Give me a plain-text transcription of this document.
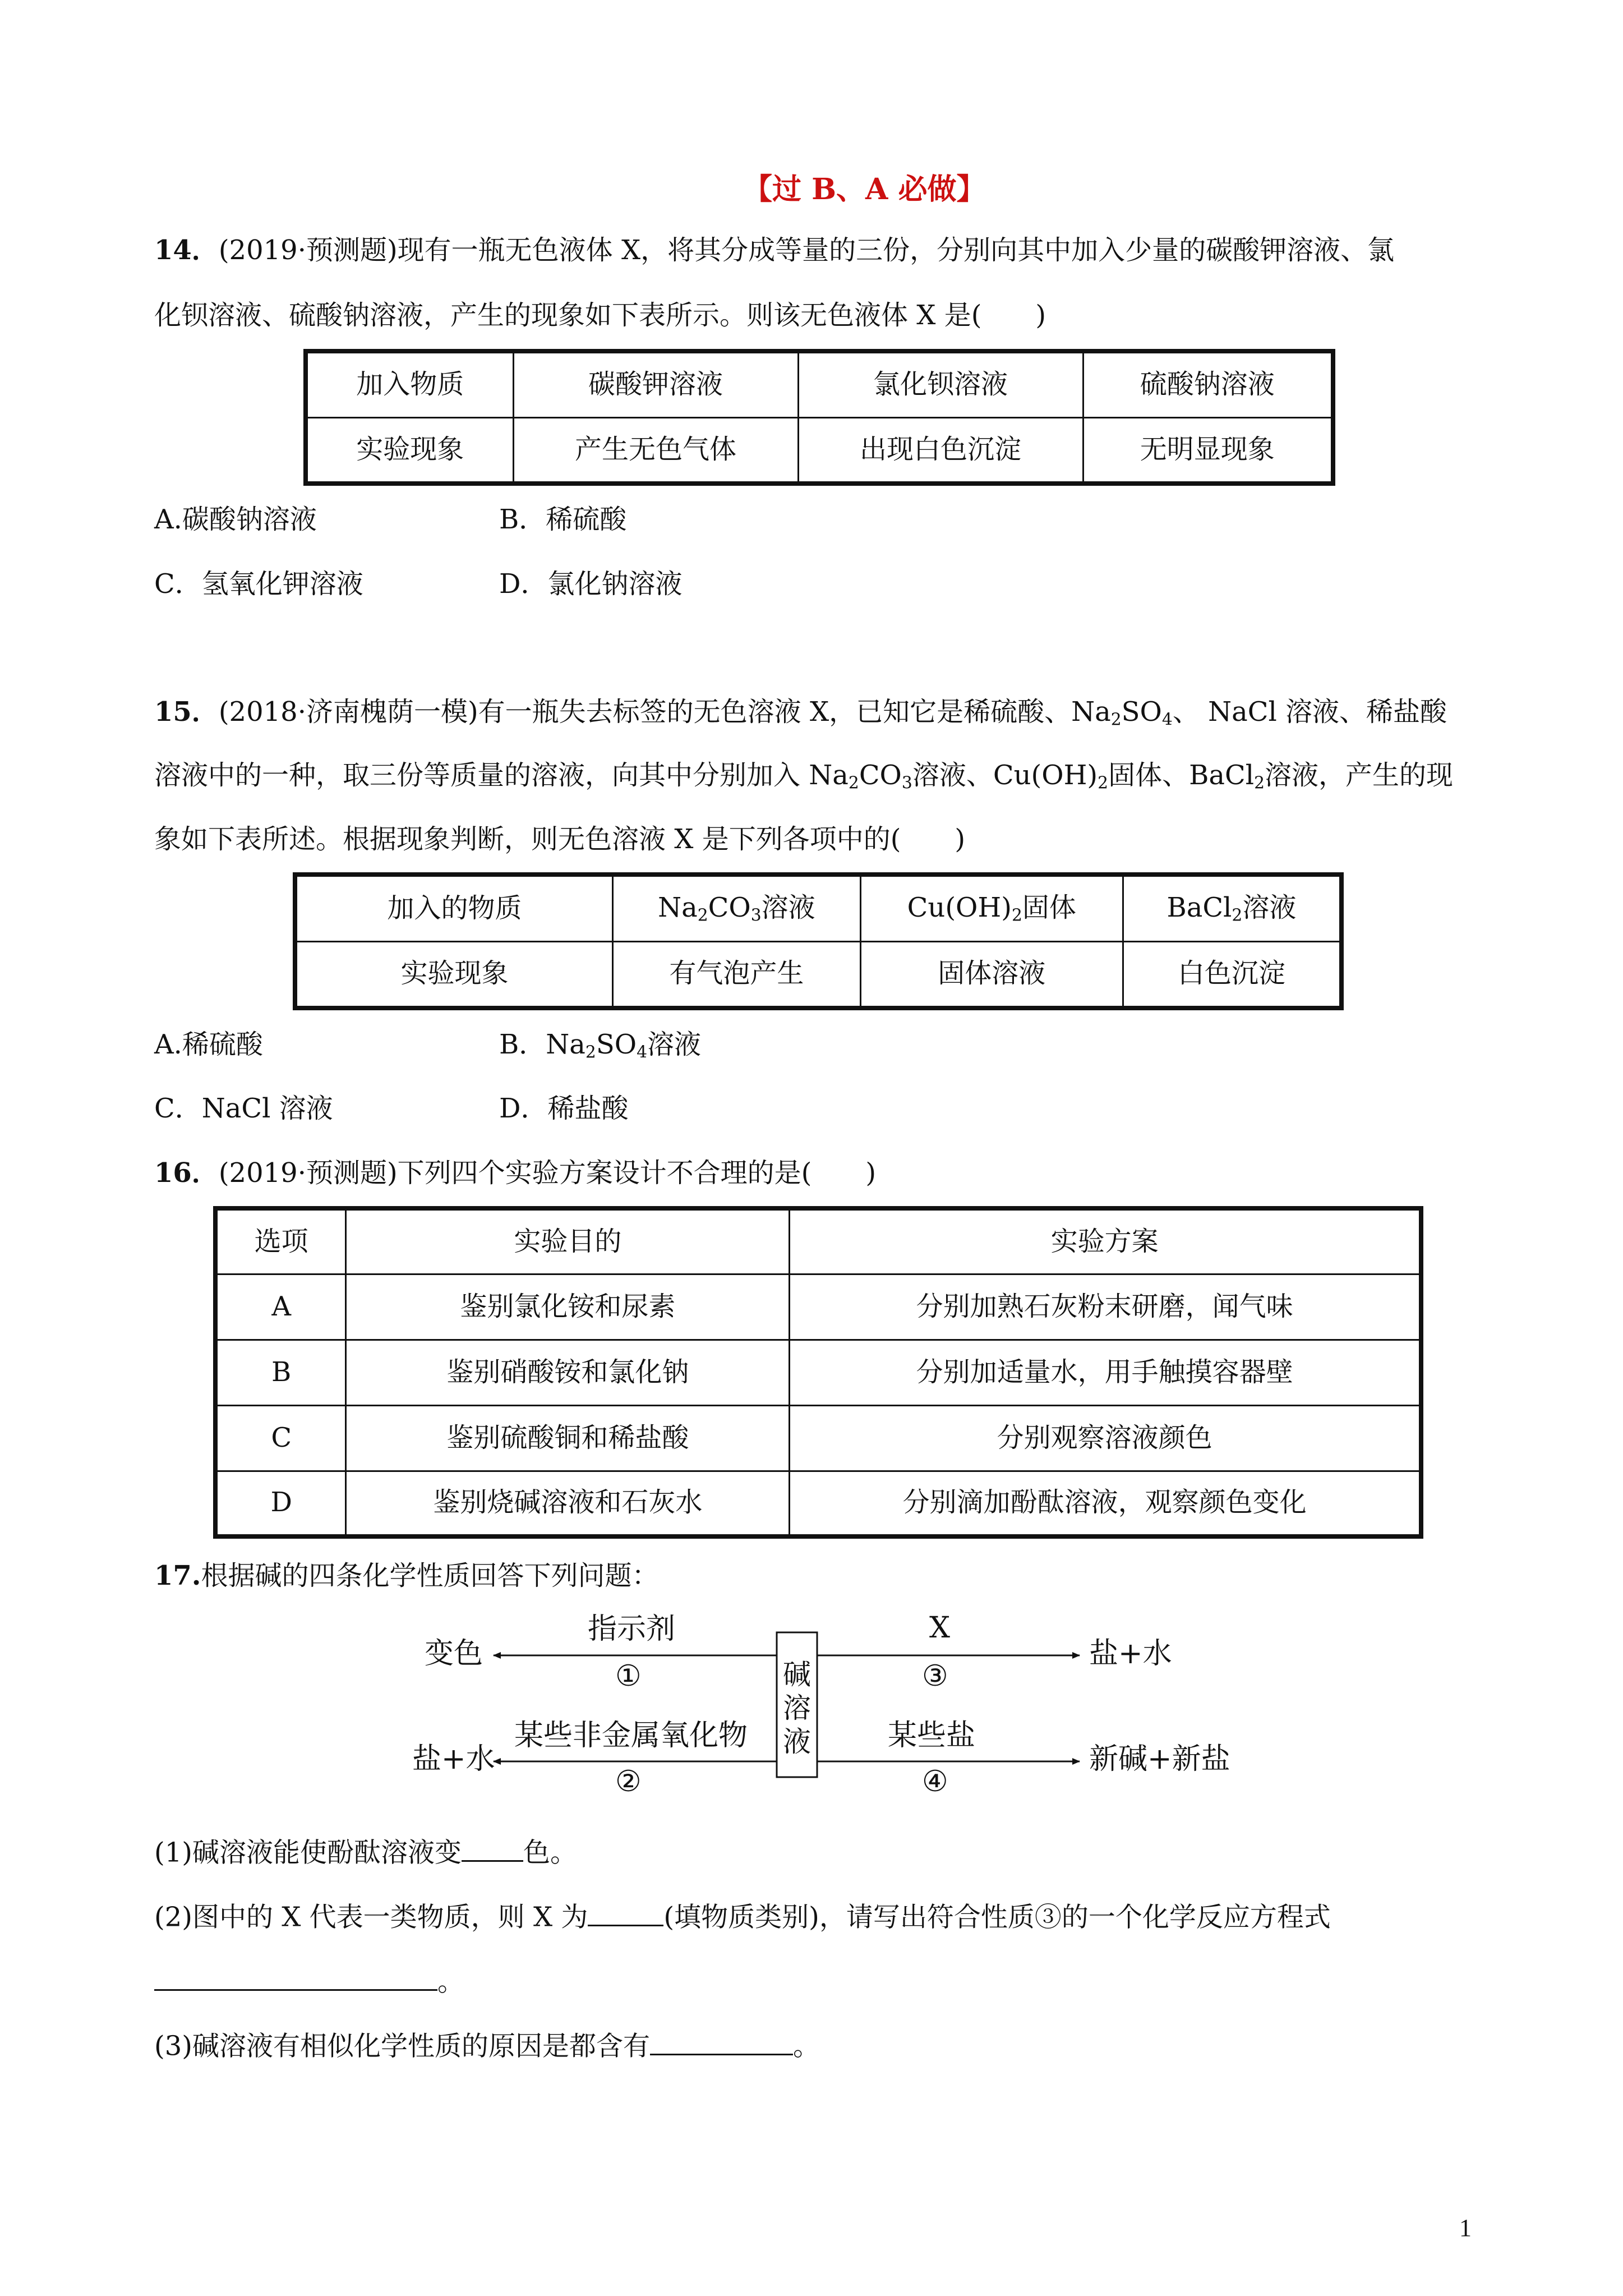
【过 B、A 必做】
14．(2019·预测题)现有一瓶无色液体 X，将其分成等量的三份，分别向其中加入少量的碳酸钾溶液、氯
化钡溶液、硫酸钠溶液，产生的现象如下表所示。则该无色液体 X 是(　　)
加入物质	碳酸钾溶液	氯化钡溶液	硫酸钠溶液
实验现象	产生无色气体	出现白色沉淀	无明显现象
A.碳酸钠溶液	B．稀硫酸
C．氢氧化钾溶液	D．氯化钠溶液
15．(2018·济南槐荫一模)有一瓶失去标签的无色溶液 X，已知它是稀硫酸、$Na_2SO_4$、 NaCl 溶液、稀盐酸
溶液中的一种，取三份等质量的溶液，向其中分别加入 $Na_2CO_3$溶液、$Cu(OH)_2$固体、BaCl$_2$溶液，产生的现
象如下表所述。根据现象判断，则无色溶液 X 是下列各项中的(　　)
加入的物质	$Na_2CO_3$溶液	$Cu(OH)_2$固体	BaCl$_2$溶液
实验现象	有气泡产生	固体溶液	白色沉淀
A.稀硫酸	B．$Na_2SO_4$溶液
C．NaCl 溶液	D．稀盐酸
16．(2019·预测题)下列四个实验方案设计不合理的是(　　)
选项	实验目的	实验方案
A	鉴别氯化铵和尿素	分别加熟石灰粉末研磨，闻气味
B	鉴别硝酸铵和氯化钠	分别加适量水，用手触摸容器壁
C	鉴别硫酸铜和稀盐酸	分别观察溶液颜色
D	鉴别烧碱溶液和石灰水	分别滴加酚酞溶液，观察颜色变化
17.根据碱的四条化学性质回答下列问题：
碱
溶
液
变色
指示剂
①
盐+水
某些非金属氧化物
②
X
③
盐+水
某些盐
④
新碱+新盐
(1)碱溶液能使酚酞溶液变 色。
(2)图中的 X 代表一类物质，则 X 为	(填物质类别)，请写出符合性质③的一个化学反应方程式
。
(3)碱溶液有相似化学性质的原因是都含有	。
1
